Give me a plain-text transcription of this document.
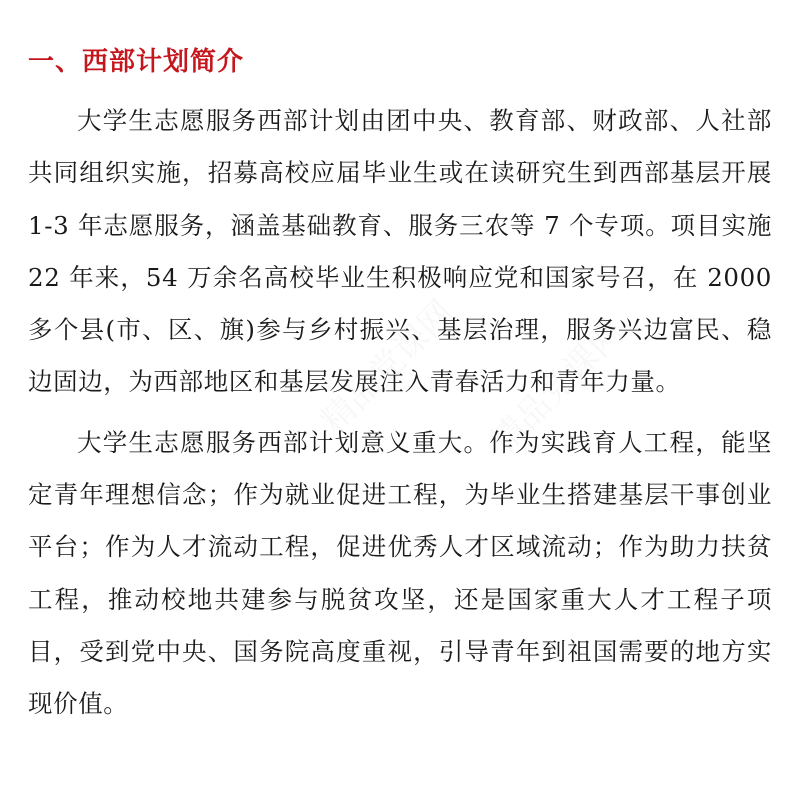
一、西部计划简介

大学生志愿服务西部计划由团中央、教育部、财政部、人社部共同组织实施，招募高校应届毕业生或在读研究生到西部基层开展 1-3 年志愿服务，涵盖基础教育、服务三农等 7 个专项。项目实施 22 年来，54 万余名高校毕业生积极响应党和国家号召，在 2000 多个县(市、区、旗)参与乡村振兴、基层治理，服务兴边富民、稳边固边，为西部地区和基层发展注入青春活力和青年力量。

大学生志愿服务西部计划意义重大。作为实践育人工程，能坚定青年理想信念；作为就业促进工程，为毕业生搭建基层干事创业平台；作为人才流动工程，促进优秀人才区域流动；作为助力扶贫工程，推动校地共建参与脱贫攻坚，还是国家重大人才工程子项目，受到党中央、国务院高度重视，引导青年到祖国需要的地方实现价值。

精品党课网 精品党课网
